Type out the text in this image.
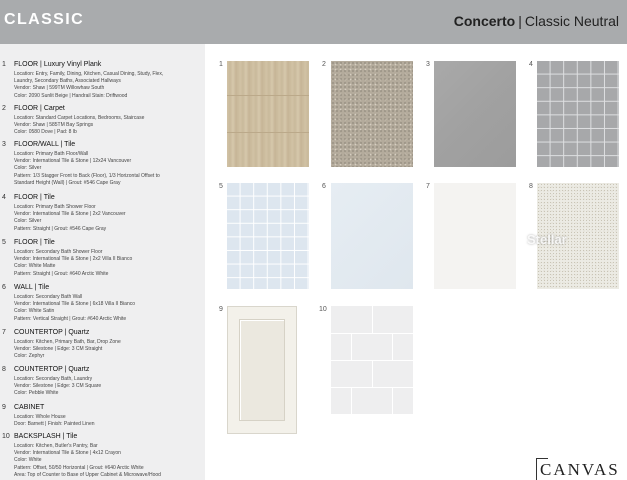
CLASSIC	Concerto | Classic Neutral
1 FLOOR | Luxury Vinyl Plank
Location: Entry, Family, Dining, Kitchen, Casual Dining, Study, Flex,
Laundry, Secondary Baths, Associated Hallways
Vendor: Shaw | 599TM Willowhaw South
Color: 2090 Sunlit Beige | Handrail Stain: Driftwood
2 FLOOR | Carpet
Location: Standard Carpet Locations, Bedrooms, Staircase
Vendor: Shaw | 585TM Bay Springs
Color: 0580 Dove | Pad: 8 lb
3 FLOOR/WALL | Tile
Location: Primary Bath Floor/Wall
Vendor: International Tile & Stone | 12x24 Vancouver
Color: Silver
Pattern: 1/3 Stagger Front to Back (Floor), 1/3 Horizontal Offset to
Standard Height (Wall) | Grout: #546 Cape Gray
4 FLOOR | Tile
Location: Primary Bath Shower Floor
Vendor: International Tile & Stone | 2x2 Vancouver
Color: Silver
Pattern: Straight | Grout: #546 Cape Gray
5 FLOOR | Tile
Location: Secondary Bath Shower Floor
Vendor: International Tile & Stone | 2x2 Villa II Bianco
Color: White Matte
Pattern: Straight | Grout: #640 Arctic White
6 WALL | Tile
Location: Secondary Bath Wall
Vendor: International Tile & Stone | 6x18 Villa II Bianco
Color: White Satin
Pattern: Vertical Straight | Grout: #640 Arctic White
7 COUNTERTOP | Quartz
Location: Kitchen, Primary Bath, Bar, Drop Zone
Vendor: Silestone | Edge: 3 CM Straight
Color: Zephyr
8 COUNTERTOP | Quartz
Location: Secondary Bath, Laundry
Vendor: Silestone | Edge: 3 CM Square
Color: Pebble White
9 CABINET
Location: Whole House
Door: Barnett | Finish: Painted Linen
10 BACKSPLASH | Tile
Location: Kitchen, Butler's Pantry, Bar
Vendor: International Tile & Stone | 4x12 Crayon
Color: White
Pattern: Offset, 50/50 Horizontal | Grout: #640 Arctic White
Area: Top of Counter to Base of Upper Cabinet & Microwave/Hood
1	2	3	4
5	6	7	8
9	10
Stellar
CANVAS
